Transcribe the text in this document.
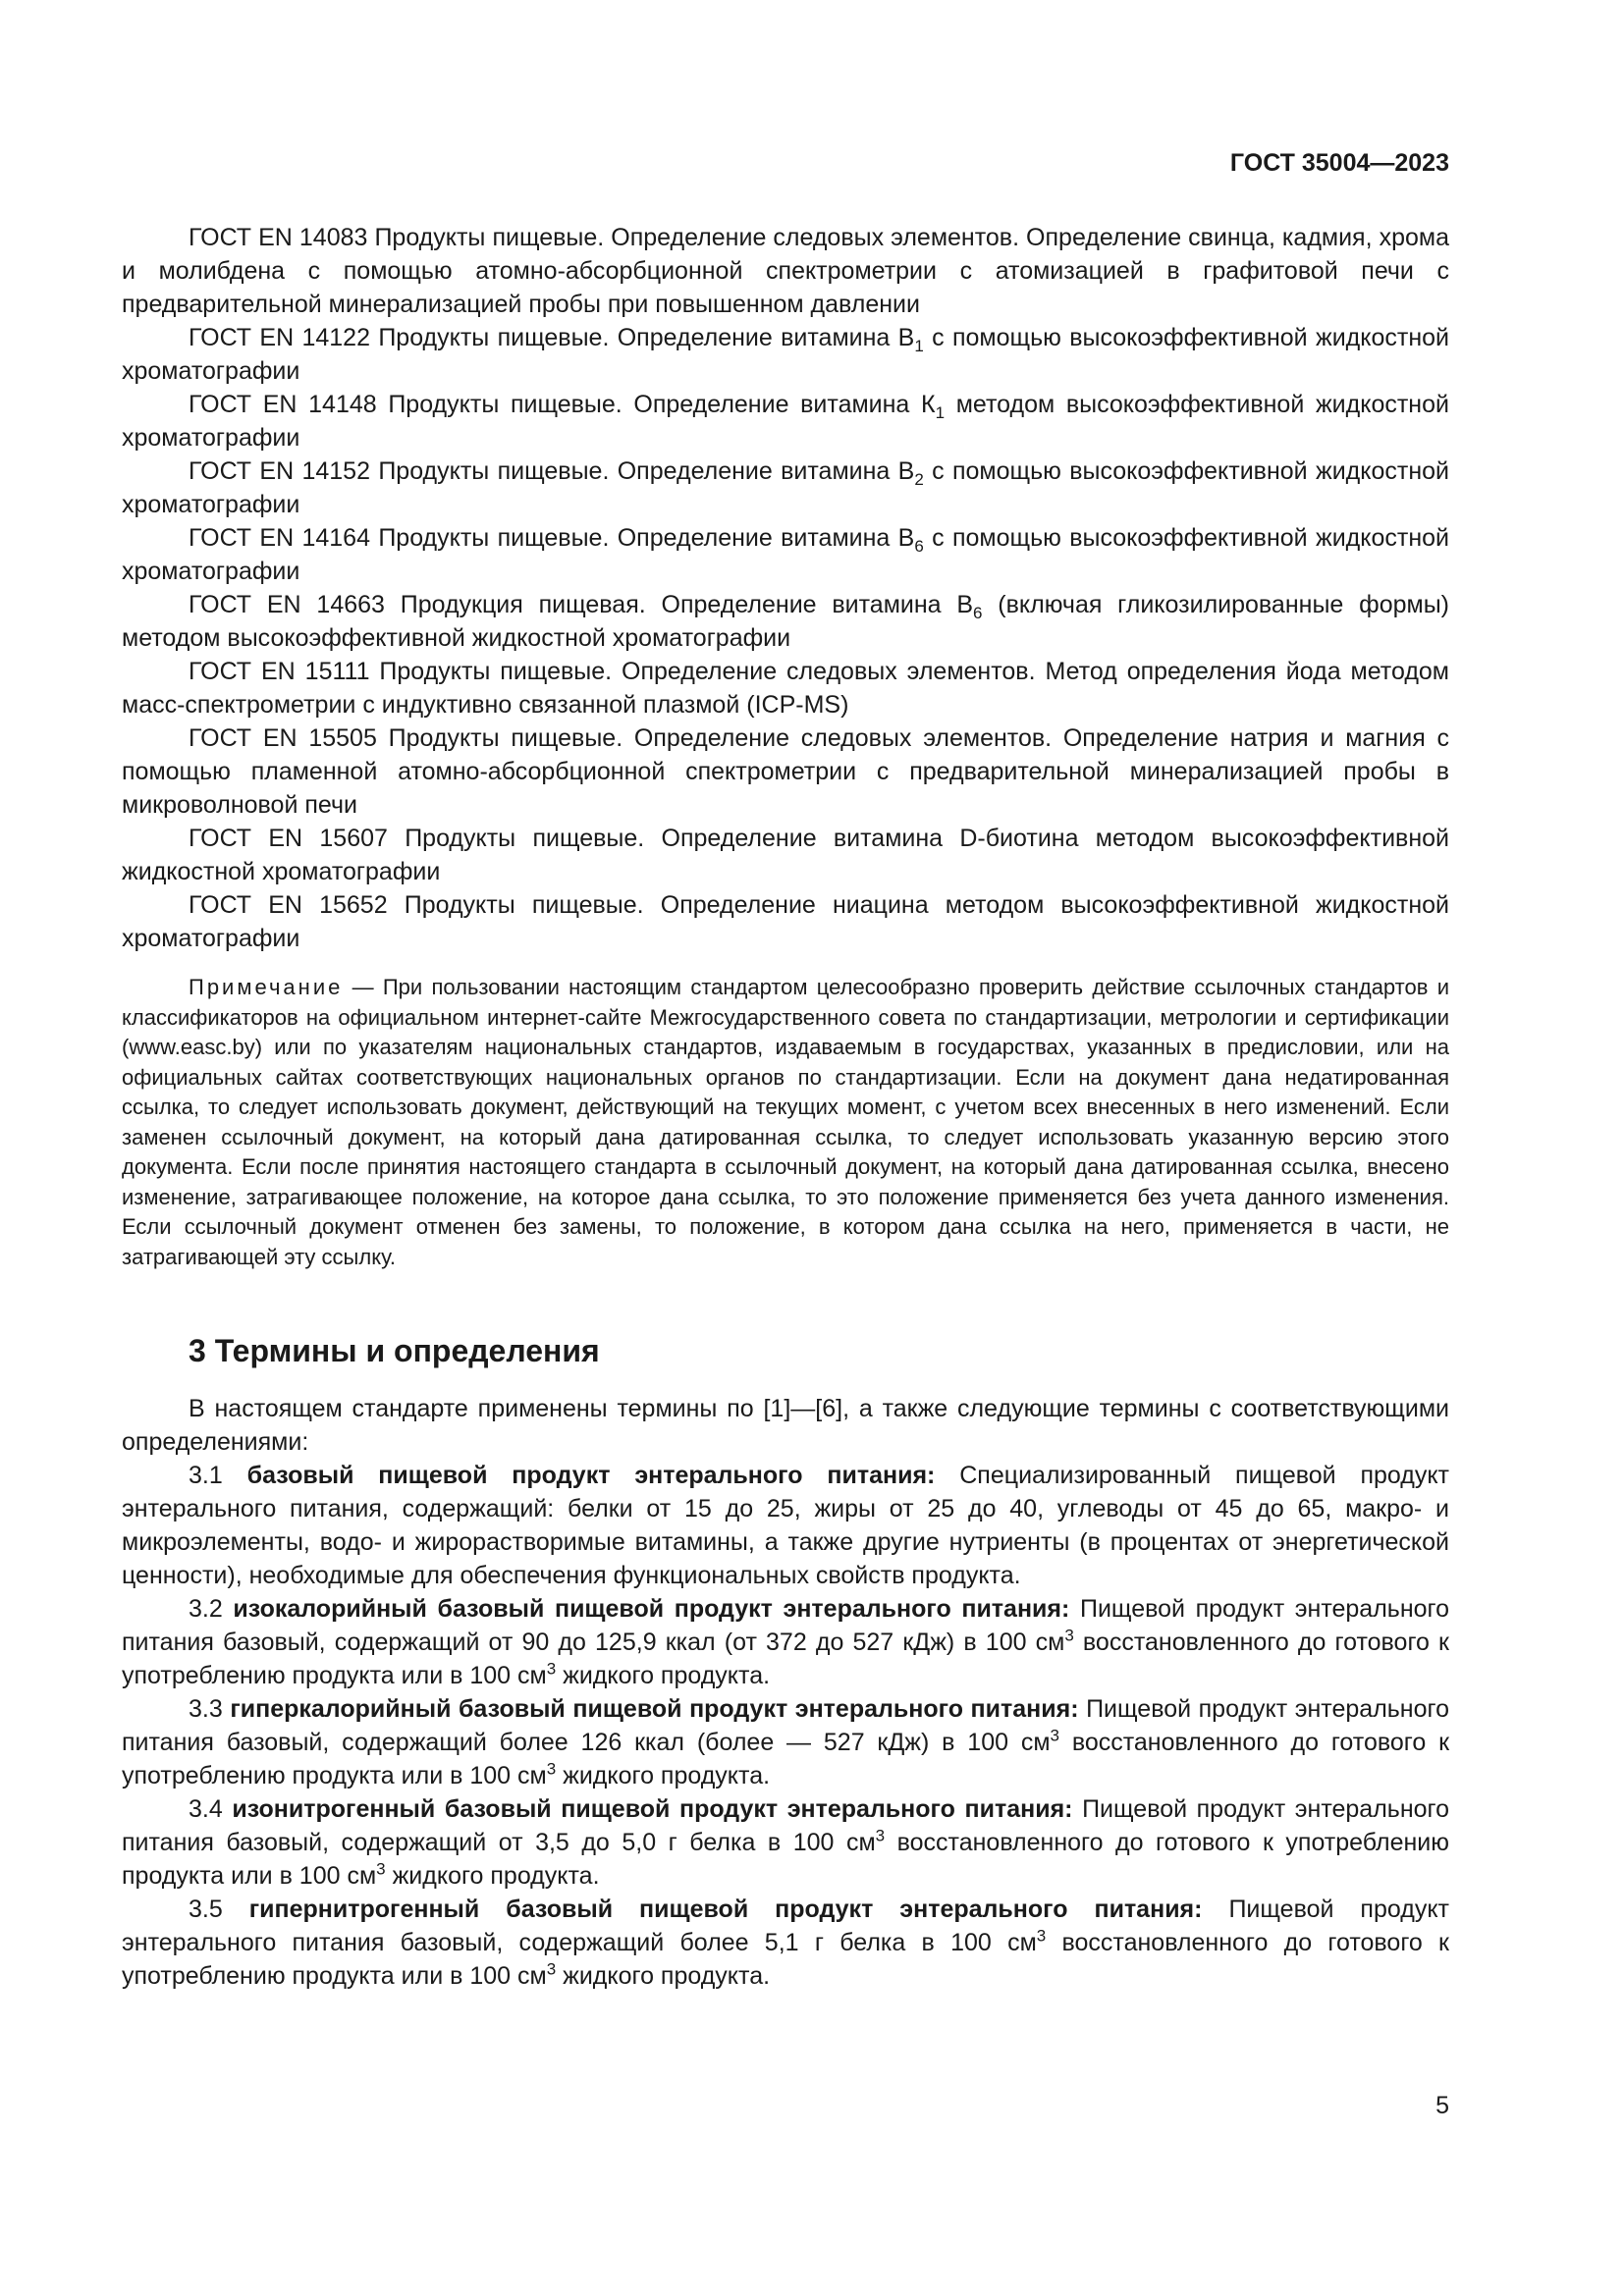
ГОСТ 35004—2023

ГОСТ EN 14083 Продукты пищевые. Определение следовых элементов. Определение свинца, кадмия, хрома и молибдена с помощью атомно-абсорбционной спектрометрии с атомизацией в графитовой печи с предварительной минерализацией пробы при повышенном давлении

ГОСТ EN 14122 Продукты пищевые. Определение витамина $В_1$ с помощью высокоэффективной жидкостной хроматографии

ГОСТ EN 14148 Продукты пищевые. Определение витамина $К_1$ методом высокоэффективной жидкостной хроматографии

ГОСТ EN 14152 Продукты пищевые. Определение витамина $В_2$ с помощью высокоэффективной жидкостной хроматографии

ГОСТ EN 14164 Продукты пищевые. Определение витамина $В_6$ с помощью высокоэффективной жидкостной хроматографии

ГОСТ EN 14663 Продукция пищевая. Определение витамина $В_6$ (включая гликозилированные формы) методом высокоэффективной жидкостной хроматографии

ГОСТ EN 15111 Продукты пищевые. Определение следовых элементов. Метод определения йода методом масс-спектрометрии с индуктивно связанной плазмой (ICP-MS)

ГОСТ EN 15505 Продукты пищевые. Определение следовых элементов. Определение натрия и магния с помощью пламенной атомно-абсорбционной спектрометрии с предварительной минерализацией пробы в микроволновой печи

ГОСТ EN 15607 Продукты пищевые. Определение витамина D-биотина методом высокоэффективной жидкостной хроматографии

ГОСТ EN 15652 Продукты пищевые. Определение ниацина методом высокоэффективной жидкостной хроматографии

Примечание — При пользовании настоящим стандартом целесообразно проверить действие ссылочных стандартов и классификаторов на официальном интернет-сайте Межгосударственного совета по стандартизации, метрологии и сертификации (www.easc.by) или по указателям национальных стандартов, издаваемым в государствах, указанных в предисловии, или на официальных сайтах соответствующих национальных органов по стандартизации. Если на документ дана недатированная ссылка, то следует использовать документ, действующий на текущих момент, с учетом всех внесенных в него изменений. Если заменен ссылочный документ, на который дана датированная ссылка, то следует использовать указанную версию этого документа. Если после принятия настоящего стандарта в ссылочный документ, на который дана датированная ссылка, внесено изменение, затрагивающее положение, на которое дана ссылка, то это положение применяется без учета данного изменения. Если ссылочный документ отменен без замены, то положение, в котором дана ссылка на него, применяется в части, не затрагивающей эту ссылку.

3 Термины и определения

В настоящем стандарте применены термины по [1]—[6], а также следующие термины с соответствующими определениями:

3.1 базовый пищевой продукт энтерального питания: Специализированный пищевой продукт энтерального питания, содержащий: белки от 15 до 25, жиры от 25 до 40, углеводы от 45 до 65, макро- и микроэлементы, водо- и жирорастворимые витамины, а также другие нутриенты (в процентах от энергетической ценности), необходимые для обеспечения функциональных свойств продукта.

3.2 изокалорийный базовый пищевой продукт энтерального питания: Пищевой продукт энтерального питания базовый, содержащий от 90 до 125,9 ккал (от 372 до 527 кДж) в 100 $см^3$ восстановленного до готового к употреблению продукта или в 100 $см^3$ жидкого продукта.

3.3 гиперкалорийный базовый пищевой продукт энтерального питания: Пищевой продукт энтерального питания базовый, содержащий более 126 ккал (более — 527 кДж) в 100 $см^3$ восстановленного до готового к употреблению продукта или в 100 $см^3$ жидкого продукта.

3.4 изонитрогенный базовый пищевой продукт энтерального питания: Пищевой продукт энтерального питания базовый, содержащий от 3,5 до 5,0 г белка в 100 $см^3$ восстановленного до готового к употреблению продукта или в 100 $см^3$ жидкого продукта.

3.5 гипернитрогенный базовый пищевой продукт энтерального питания: Пищевой продукт энтерального питания базовый, содержащий более 5,1 г белка в 100 $см^3$ восстановленного до готового к употреблению продукта или в 100 $см^3$ жидкого продукта.

5
